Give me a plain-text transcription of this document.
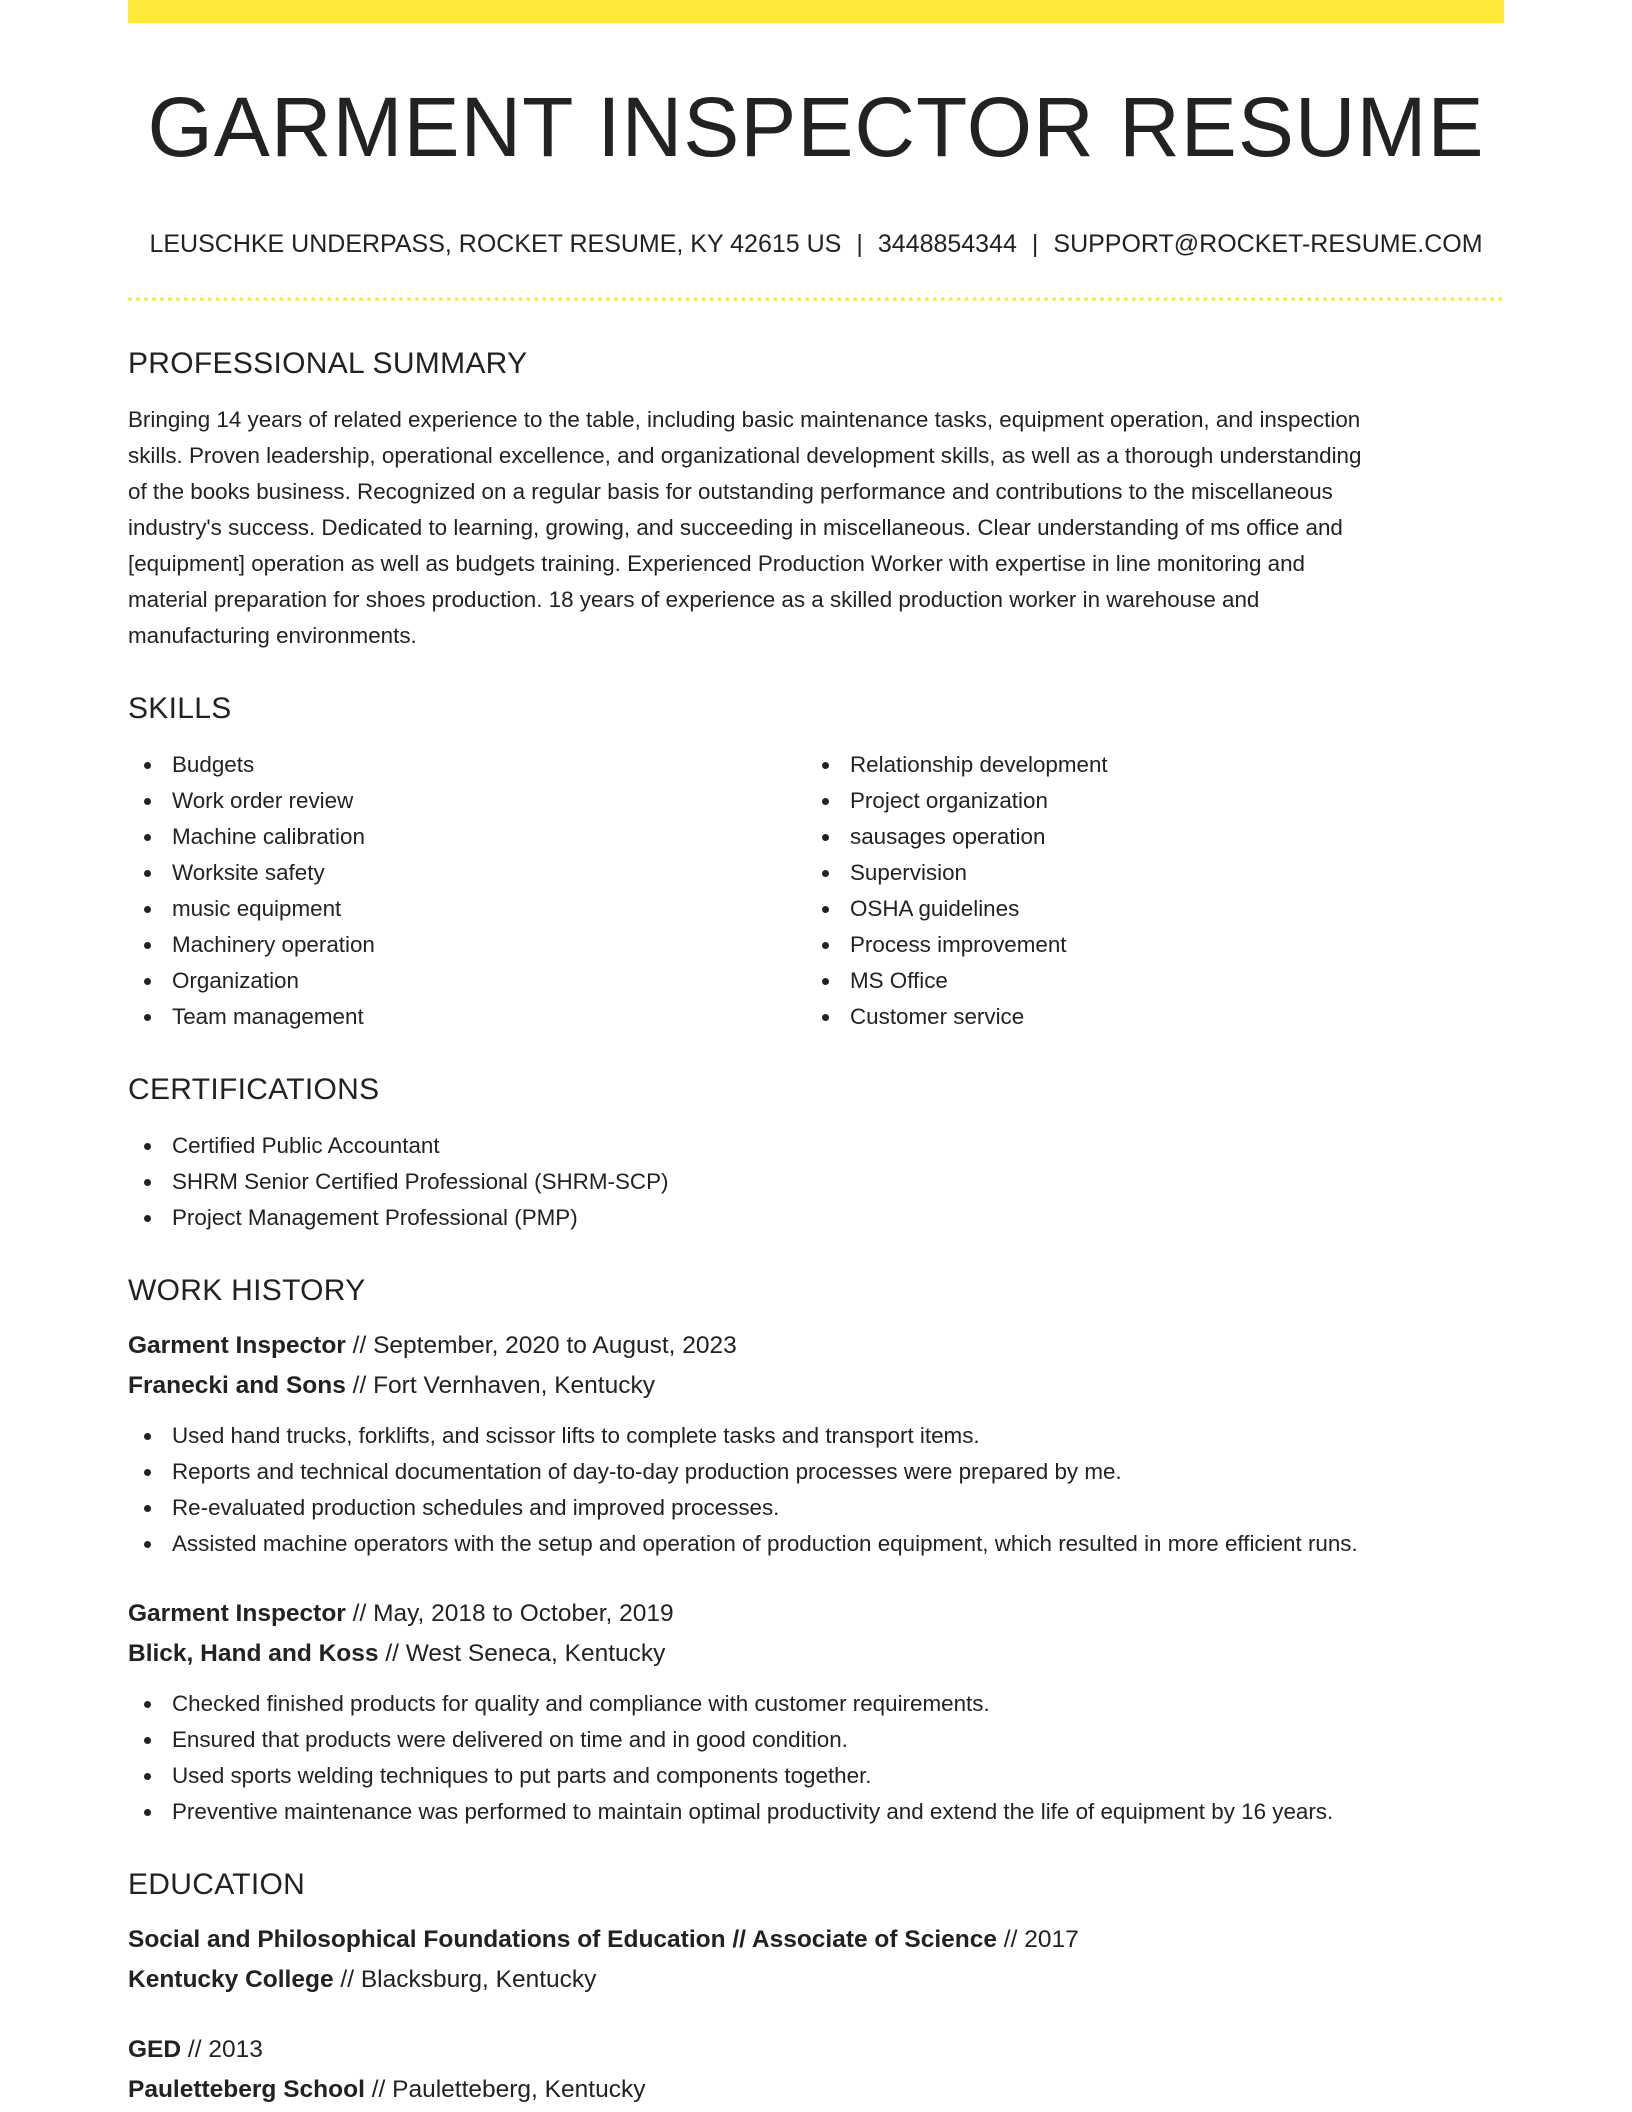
GARMENT INSPECTOR RESUME
LEUSCHKE UNDERPASS, ROCKET RESUME, KY 42615 US | 3448854344 | SUPPORT@ROCKET-RESUME.COM
PROFESSIONAL SUMMARY
Bringing 14 years of related experience to the table, including basic maintenance tasks, equipment operation, and inspection
skills. Proven leadership, operational excellence, and organizational development skills, as well as a thorough understanding
of the books business. Recognized on a regular basis for outstanding performance and contributions to the miscellaneous
industry's success. Dedicated to learning, growing, and succeeding in miscellaneous. Clear understanding of ms office and
[equipment] operation as well as budgets training. Experienced Production Worker with expertise in line monitoring and
material preparation for shoes production. 18 years of experience as a skilled production worker in warehouse and
manufacturing environments.
SKILLS
Budgets
Work order review
Machine calibration
Worksite safety
music equipment
Machinery operation
Organization
Team management
Relationship development
Project organization
sausages operation
Supervision
OSHA guidelines
Process improvement
MS Office
Customer service
CERTIFICATIONS
Certified Public Accountant
SHRM Senior Certified Professional (SHRM-SCP)
Project Management Professional (PMP)
WORK HISTORY
Garment Inspector // September, 2020 to August, 2023
Franecki and Sons // Fort Vernhaven, Kentucky
Used hand trucks, forklifts, and scissor lifts to complete tasks and transport items.
Reports and technical documentation of day-to-day production processes were prepared by me.
Re-evaluated production schedules and improved processes.
Assisted machine operators with the setup and operation of production equipment, which resulted in more efficient runs.
Garment Inspector // May, 2018 to October, 2019
Blick, Hand and Koss // West Seneca, Kentucky
Checked finished products for quality and compliance with customer requirements.
Ensured that products were delivered on time and in good condition.
Used sports welding techniques to put parts and components together.
Preventive maintenance was performed to maintain optimal productivity and extend the life of equipment by 16 years.
EDUCATION
Social and Philosophical Foundations of Education // Associate of Science // 2017
Kentucky College // Blacksburg, Kentucky
GED // 2013
Pauletteberg School // Pauletteberg, Kentucky
